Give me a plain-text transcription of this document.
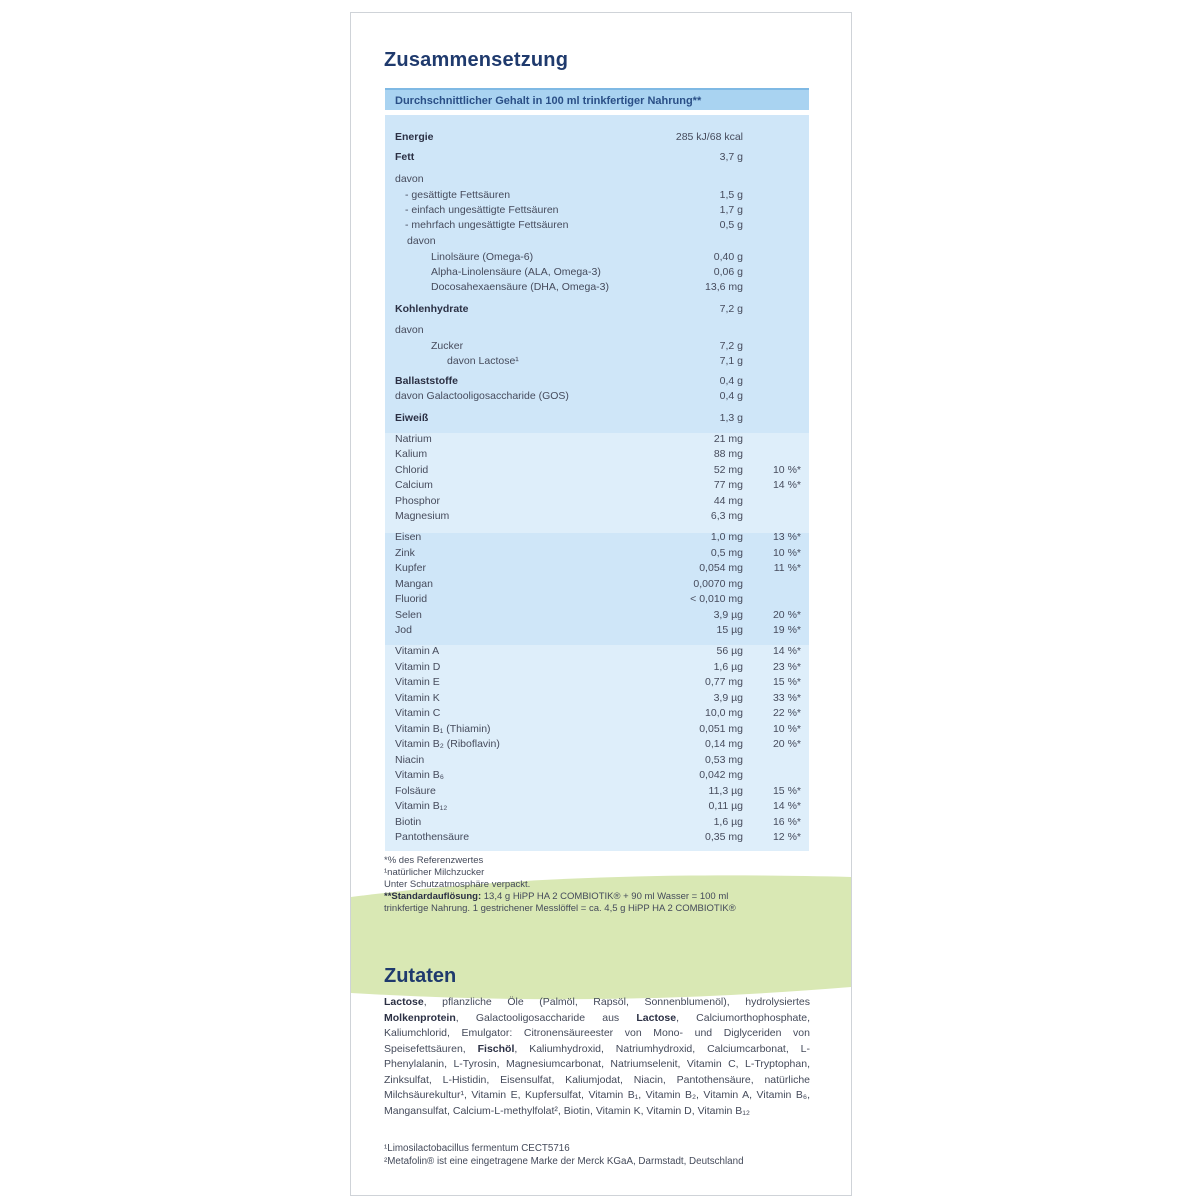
Zusammensetzung
Durchschnittlicher Gehalt in 100 ml trinkfertiger Nahrung**
Energie	285 kJ/68 kcal
Fett	3,7 g
davon
- gesättigte Fettsäuren	1,5 g
- einfach ungesättigte Fettsäuren	1,7 g
- mehrfach ungesättigte Fettsäuren	0,5 g
davon
Linolsäure (Omega-6)	0,40 g
Alpha-Linolensäure (ALA, Omega-3)	0,06 g
Docosahexaensäure (DHA, Omega-3)	13,6 mg
Kohlenhydrate	7,2 g
davon
Zucker	7,2 g
davon Lactose¹	7,1 g
Ballaststoffe	0,4 g
davon Galactooligosaccharide (GOS)	0,4 g
Eiweiß	1,3 g
Natrium	21 mg
Kalium	88 mg
Chlorid	52 mg	10 %*
Calcium	77 mg	14 %*
Phosphor	44 mg
Magnesium	6,3 mg
Eisen	1,0 mg	13 %*
Zink	0,5 mg	10 %*
Kupfer	0,054 mg	11 %*
Mangan	0,0070 mg
Fluorid	< 0,010 mg
Selen	3,9 µg	20 %*
Jod	15 µg	19 %*
Vitamin A	56 µg	14 %*
Vitamin D	1,6 µg	23 %*
Vitamin E	0,77 mg	15 %*
Vitamin K	3,9 µg	33 %*
Vitamin C	10,0 mg	22 %*
Vitamin B₁ (Thiamin)	0,051 mg	10 %*
Vitamin B₂ (Riboflavin)	0,14 mg	20 %*
Niacin	0,53 mg
Vitamin B₆	0,042 mg
Folsäure	11,3 µg	15 %*
Vitamin B₁₂	0,11 µg	14 %*
Biotin	1,6 µg	16 %*
Pantothensäure	0,35 mg	12 %*
*% des Referenzwertes
¹natürlicher Milchzucker
Unter Schutzatmosphäre verpackt.
**Standardauflösung: 13,4 g HiPP HA 2 COMBIOTIK® + 90 ml Wasser = 100 ml
trinkfertige Nahrung. 1 gestrichener Messlöffel = ca. 4,5 g HiPP HA 2 COMBIOTIK®
Zutaten
Lactose, pflanzliche Öle (Palmöl, Rapsöl, Sonnenblumenöl), hydrolysiertes Molkenprotein, Galactooligosaccharide aus Lactose, Calciumorthophosphate, Kaliumchlorid, Emulgator: Citronensäureester von Mono- und Diglyceriden von Speisefettsäuren, Fischöl, Kaliumhydroxid, Natriumhydroxid, Calciumcarbonat, L-Phenylalanin, L-Tyrosin, Magnesiumcarbonat, Natriumselenit, Vitamin C, L-Tryptophan, Zinksulfat, L-Histidin, Eisensulfat, Kaliumjodat, Niacin, Pantothensäure, natürliche Milchsäurekultur¹, Vitamin E, Kupfersulfat, Vitamin B₁, Vitamin B₂, Vitamin A, Vitamin B₆, Mangansulfat, Calcium-L-methylfolat², Biotin, Vitamin K, Vitamin D, Vitamin B₁₂
¹Limosilactobacillus fermentum CECT5716
²Metafolin® ist eine eingetragene Marke der Merck KGaA, Darmstadt, Deutschland
